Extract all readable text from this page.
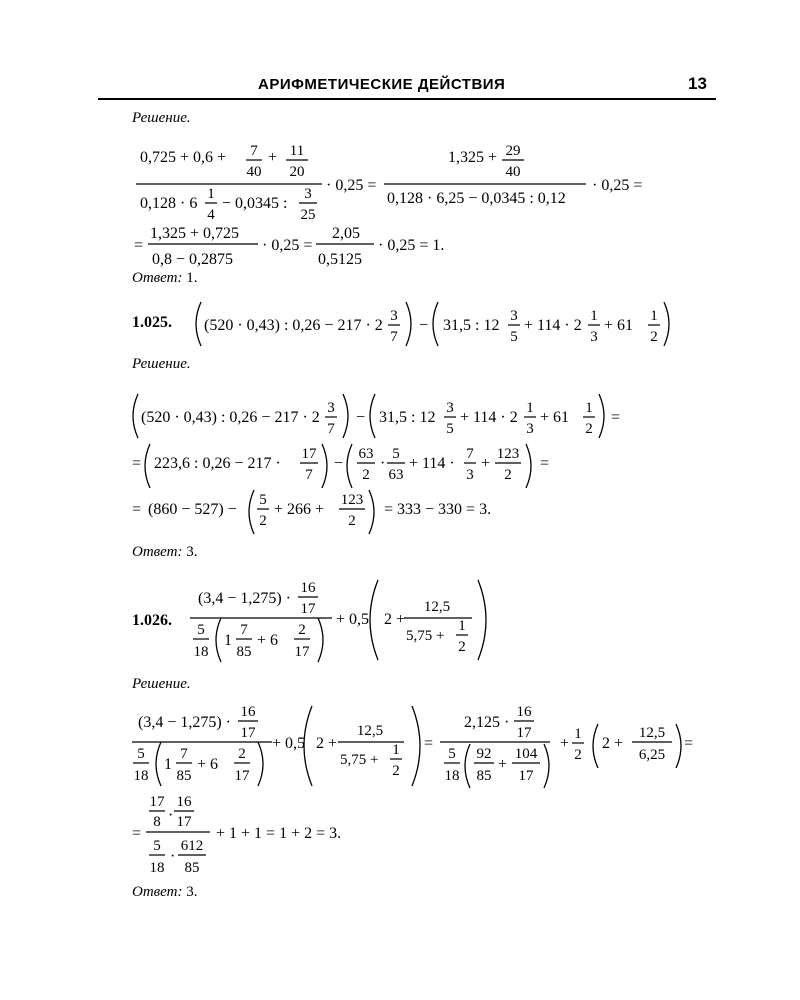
АРИФМЕТИЧЕСКИЕ ДЕЙСТВИЯ	13
Решение.
0,725 + 0,6 + 7
40
+ 11
20
0,128 · 6
1
4
− 0,0345 :
3
25
· 0,25 =
1,325 + 29
40
0,128 · 6,25 − 0,0345 : 0,12
· 0,25 =
=
1,325 + 0,725
0,8 − 0,2875
· 0,25 =
2,05
0,5125
· 0,25 = 1.
Ответ: 1.
1.025. (520 · 0,43) : 0,26 − 217 · 2
3
7
− 31,5 : 12
3
5
+ 114 · 2
1
3
+ 61
1
2
Решение.
(520 · 0,43) : 0,26 − 217 · 2
3
7
− 31,5 : 12
3
5
+ 114 · 2
1
3
+ 61
1
2
=
= 223,6 : 0,26 − 217 ·
17
7
−
63
2
·
5
63
+ 114 ·
7
3
+
123
2
=
= (860 − 527) −
5
2
+ 266 +
123
2
= 333 − 330 = 3.
Ответ: 3.
1.026.
(3,4 − 1,275) ·
16
17
5
18
1
7
85
+ 6
2
17
+ 0,5 2 +
12,5
5,75 +
1
2
Решение.
(3,4 − 1,275) ·
16
17
5
18
1
7
85
+ 6
2
17
+ 0,5 2 +
12,5
5,75 +
1
2
=
2,125 ·
16
17
5
18
92
85
+
104
17
+
1
2
2 +
12,5
6,25
=
=
17
8 ·
16
17
5
18
·
612
85
+ 1 + 1 = 1 + 2 = 3.
Ответ: 3.
